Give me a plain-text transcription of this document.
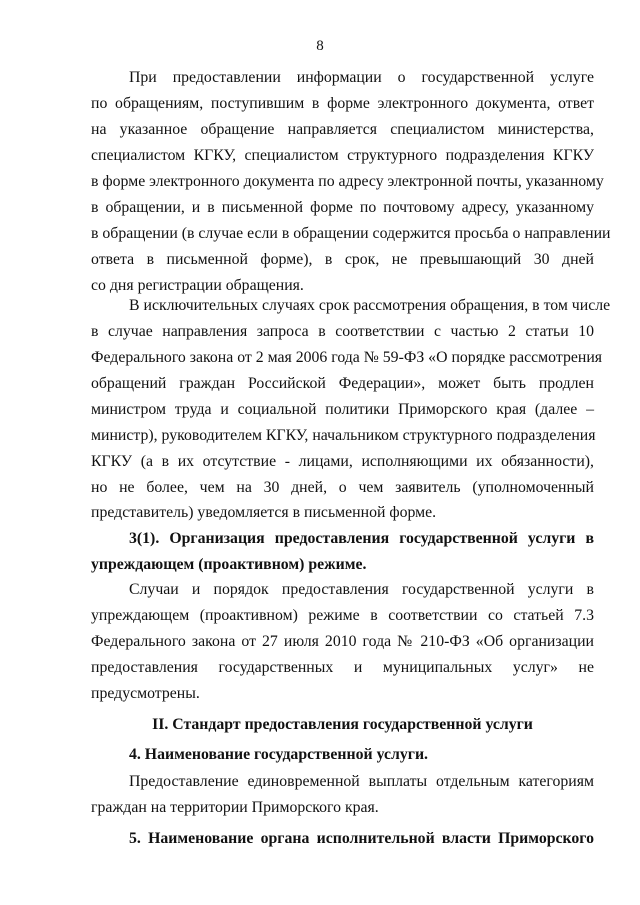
8
При предоставлении информации о государственной услуге
по обращениям, поступившим в форме электронного документа, ответ
на указанное обращение направляется специалистом министерства,
специалистом КГКУ, специалистом структурного подразделения КГКУ
в форме электронного документа по адресу электронной почты, указанному
в обращении, и в письменной форме по почтовому адресу, указанному
в обращении (в случае если в обращении содержится просьба о направлении
ответа в письменной форме), в срок, не превышающий 30 дней
со дня регистрации обращения.
В исключительных случаях срок рассмотрения обращения, в том числе
в случае направления запроса в соответствии с частью 2 статьи 10
Федерального закона от 2 мая 2006 года № 59-ФЗ «О порядке рассмотрения
обращений граждан Российской Федерации», может быть продлен
министром труда и социальной политики Приморского края (далее –
министр), руководителем КГКУ, начальником структурного подразделения
КГКУ (а в их отсутствие - лицами, исполняющими их обязанности),
но не более, чем на 30 дней, о чем заявитель (уполномоченный
представитель) уведомляется в письменной форме.
3(1). Организация предоставления государственной услуги в
упреждающем (проактивном) режиме.
Случаи и порядок предоставления государственной услуги в
упреждающем (проактивном) режиме в соответствии со статьей 7.3
Федерального закона от 27 июля 2010 года № 210-ФЗ «Об организации
предоставления государственных и муниципальных услуг» не
предусмотрены.
II. Стандарт предоставления государственной услуги
4. Наименование государственной услуги.
Предоставление единовременной выплаты отдельным категориям
граждан на территории Приморского края.
5. Наименование органа исполнительной власти Приморского
